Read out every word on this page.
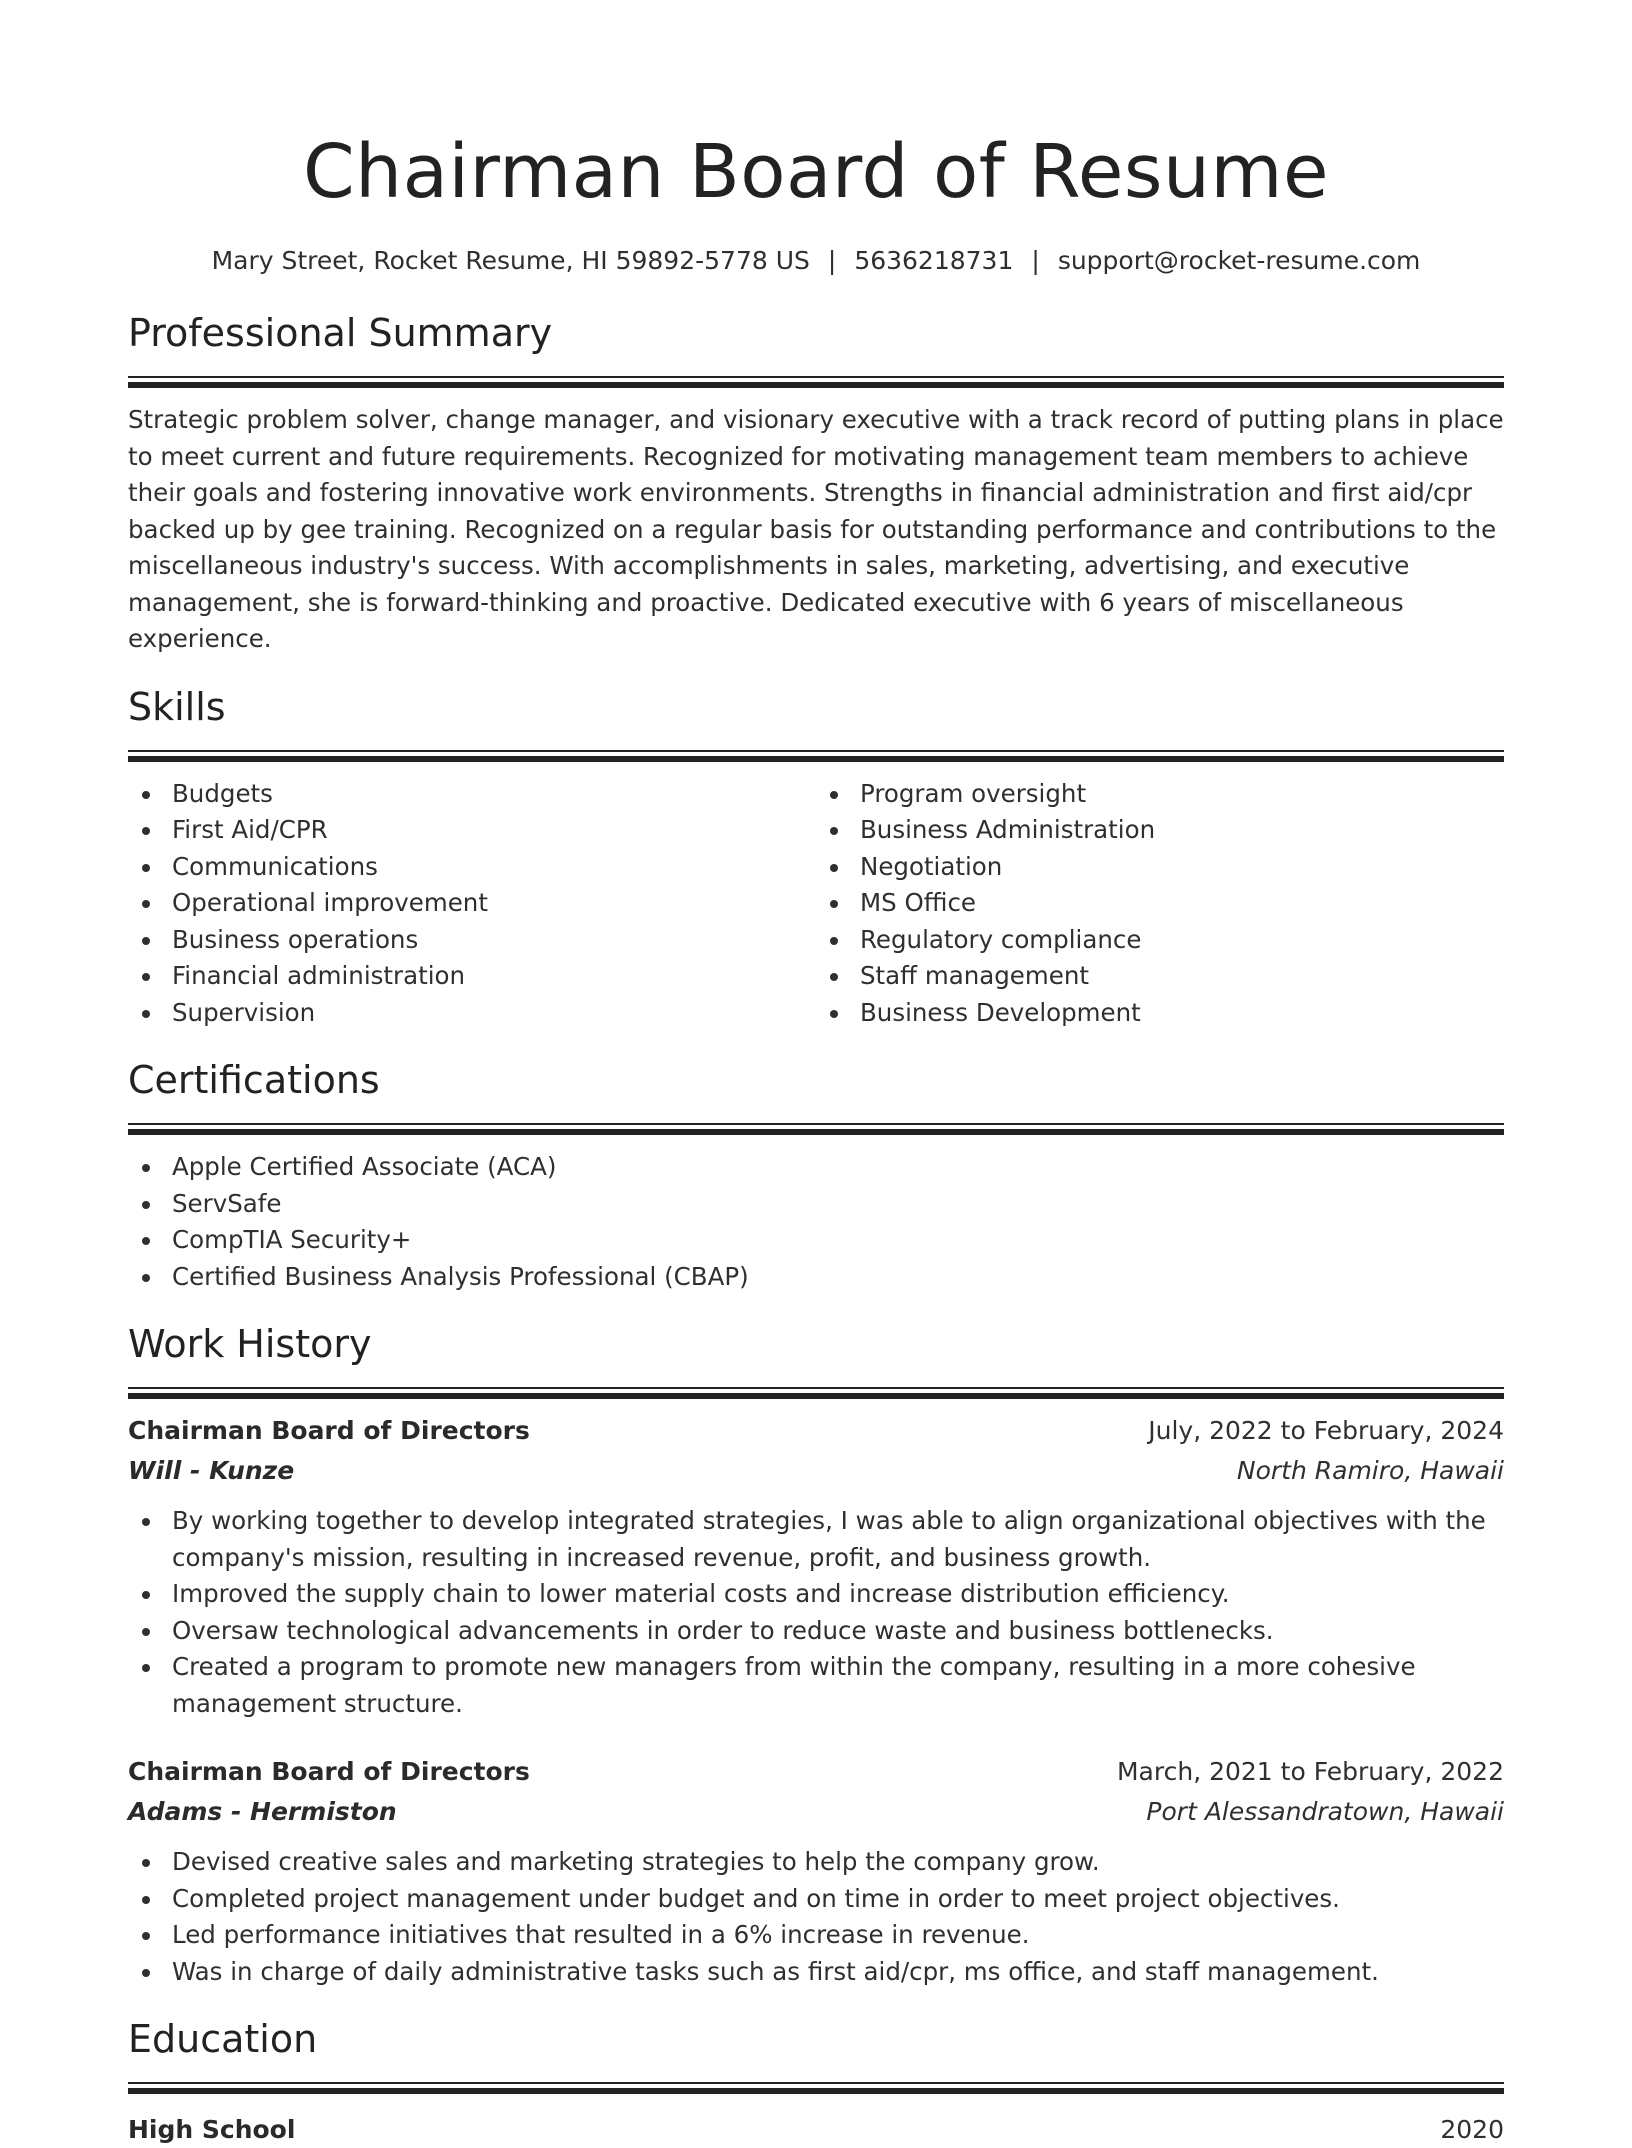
Chairman Board of Resume
Mary Street, Rocket Resume, HI 59892-5778 US | 5636218731 | support@rocket-resume.com
Professional Summary

Strategic problem solver, change manager, and visionary executive with a track record of putting plans in place to meet current and future requirements. Recognized for motivating management team members to achieve their goals and fostering innovative work environments. Strengths in financial administration and first aid/cpr backed up by gee training. Recognized on a regular basis for outstanding performance and contributions to the miscellaneous industry's success. With accomplishments in sales, marketing, advertising, and executive management, she is forward-thinking and proactive. Dedicated executive with 6 years of miscellaneous experience.

Skills
Budgets
First Aid/CPR
Communications
Operational improvement
Business operations
Financial administration
Supervision
Program oversight
Business Administration
Negotiation
MS Office
Regulatory compliance
Staff management
Business Development
Certifications
Apple Certified Associate (ACA)
ServSafe
CompTIA Security+
Certified Business Analysis Professional (CBAP)
Work History
Chairman Board of Directors	July, 2022 to February, 2024
Will - Kunze	North Ramiro, Hawaii
By working together to develop integrated strategies, I was able to align organizational objectives with the company's mission, resulting in increased revenue, profit, and business growth.
Improved the supply chain to lower material costs and increase distribution efficiency.
Oversaw technological advancements in order to reduce waste and business bottlenecks.
Created a program to promote new managers from within the company, resulting in a more cohesive management structure.
Chairman Board of Directors	March, 2021 to February, 2022
Adams - Hermiston	Port Alessandratown, Hawaii
Devised creative sales and marketing strategies to help the company grow.
Completed project management under budget and on time in order to meet project objectives.
Led performance initiatives that resulted in a 6% increase in revenue.
Was in charge of daily administrative tasks such as first aid/cpr, ms office, and staff management.
Education
High School	2020
